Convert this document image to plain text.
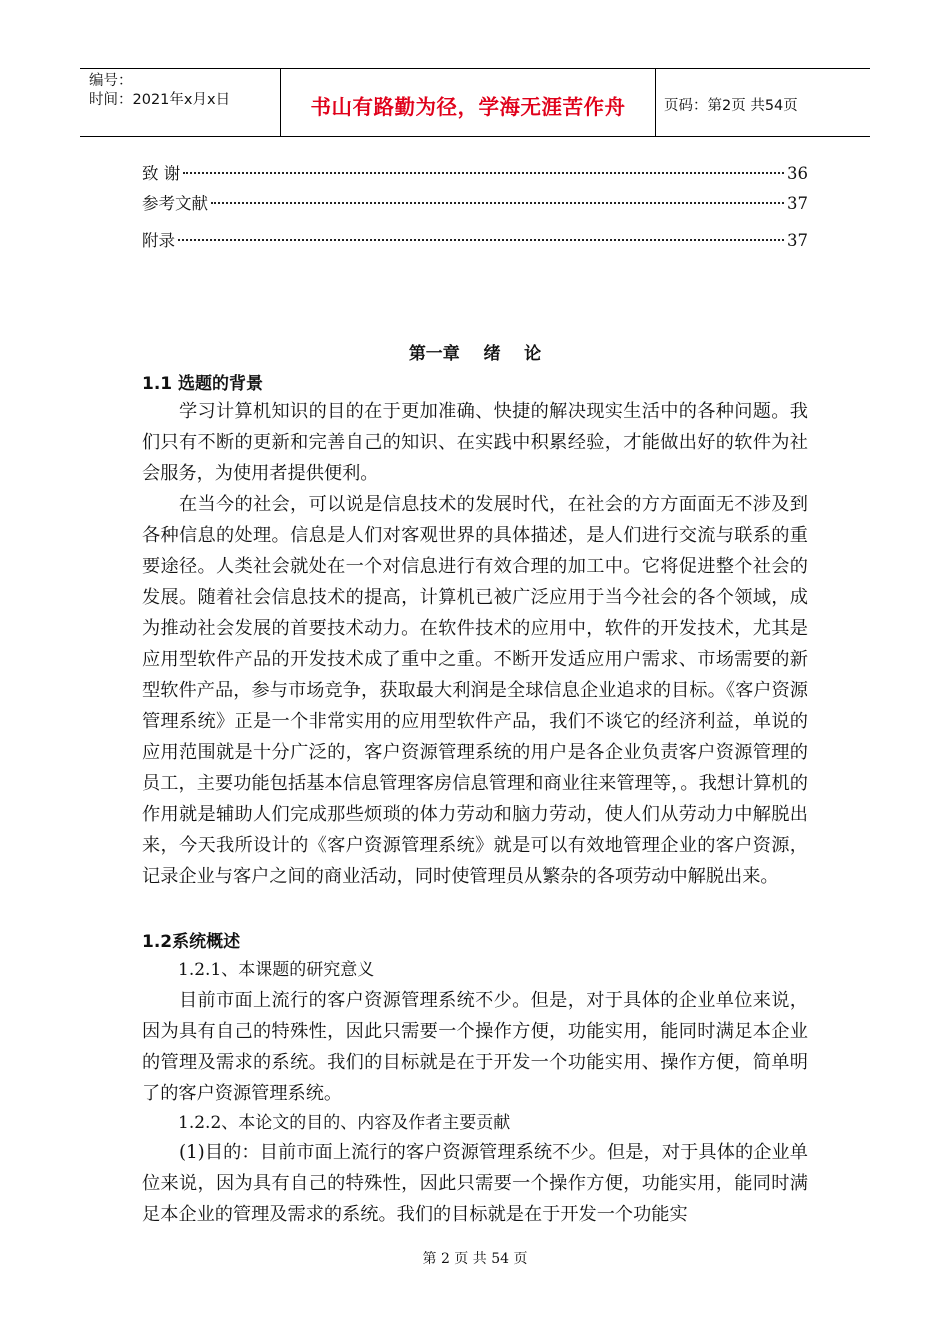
编号：
时间：2021年x月x日	书山有路勤为径，学海无涯苦作舟	页码：第2页 共54页
致 谢	36
参考文献	37
附录	37
第一章    绪    论
1.1 选题的背景

学习计算机知识的目的在于更加准确、快捷的解决现实生活中的各种问题。我们只有不断的更新和完善自己的知识、在实践中积累经验，才能做出好的软件为社会服务，为使用者提供便利。

在当今的社会，可以说是信息技术的发展时代，在社会的方方面面无不涉及到各种信息的处理。信息是人们对客观世界的具体描述，是人们进行交流与联系的重要途径。人类社会就处在一个对信息进行有效合理的加工中。它将促进整个社会的发展。随着社会信息技术的提高，计算机已被广泛应用于当今社会的各个领域，成为推动社会发展的首要技术动力。在软件技术的应用中，软件的开发技术，尤其是应用型软件产品的开发技术成了重中之重。不断开发适应用户需求、市场需要的新型软件产品，参与市场竞争，获取最大利润是全球信息企业追求的目标。《客户资源管理系统》正是一个非常实用的应用型软件产品，我们不谈它的经济利益，单说的应用范围就是十分广泛的，客户资源管理系统的用户是各企业负责客户资源管理的员工，主要功能包括基本信息管理客房信息管理和商业往来管理等，。我想计算机的作用就是辅助人们完成那些烦琐的体力劳动和脑力劳动，使人们从劳动力中解脱出来，今天我所设计的《客户资源管理系统》就是可以有效地管理企业的客户资源，记录企业与客户之间的商业活动，同时使管理员从繁杂的各项劳动中解脱出来。

1.2系统概述
1.2.1、本课题的研究意义

目前市面上流行的客户资源管理系统不少。但是，对于具体的企业单位来说，因为具有自己的特殊性，因此只需要一个操作方便，功能实用，能同时满足本企业的管理及需求的系统。我们的目标就是在于开发一个功能实用、操作方便，简单明了的客户资源管理系统。

1.2.2、本论文的目的、内容及作者主要贡献

(1)目的：目前市面上流行的客户资源管理系统不少。但是，对于具体的企业单位来说，因为具有自己的特殊性，因此只需要一个操作方便，功能实用，能同时满足本企业的管理及需求的系统。我们的目标就是在于开发一个功能实

第 2 页 共 54 页
